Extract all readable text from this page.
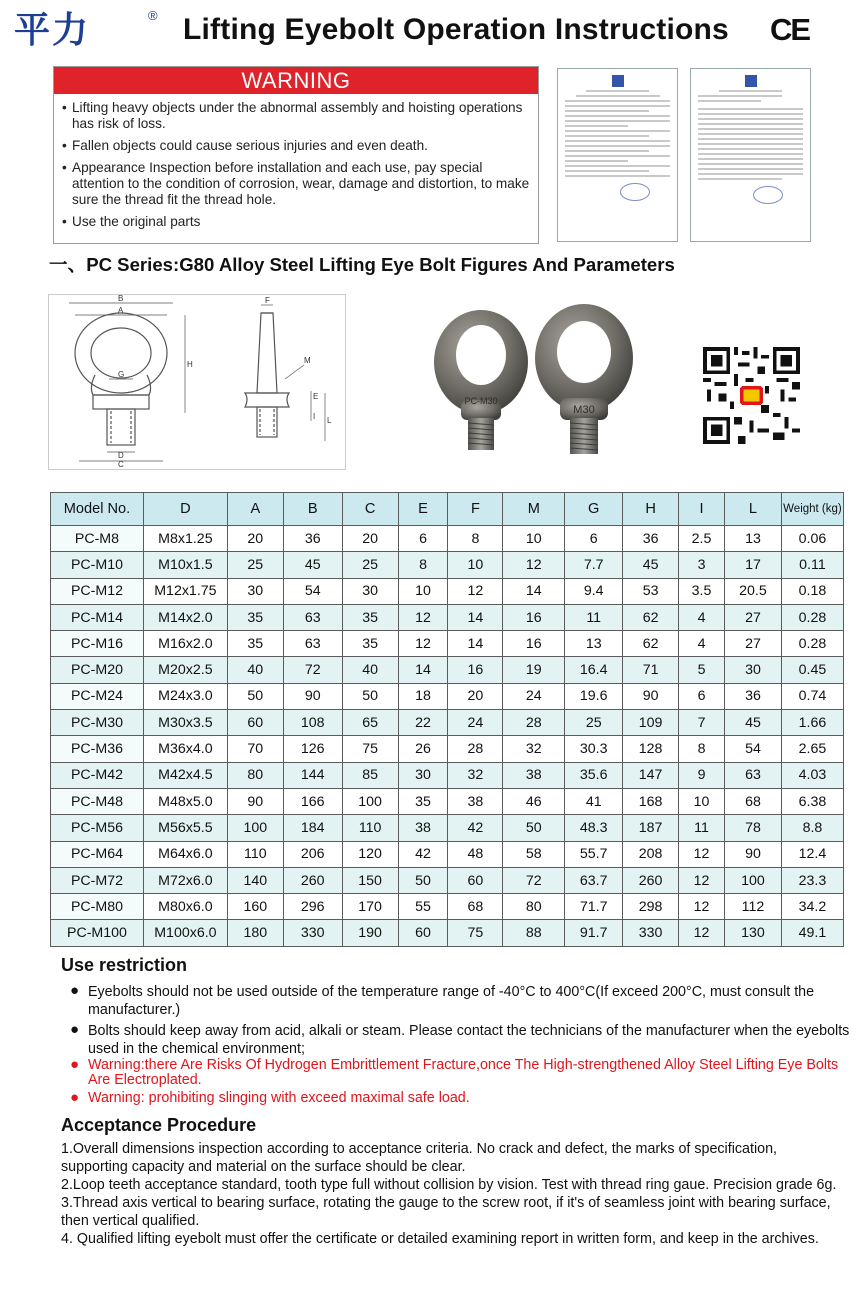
平力	® Lifting Eyebolt Operation Instructions CE
WARNING
• Lifting heavy objects under the abnormal assembly and hoisting operations has risk of loss.
• Fallen objects could cause serious injuries and even death.
• Appearance Inspection before installation and each use, pay special attention to the condition of corrosion, wear, damage and distortion, to make sure the thread fit the thread hole.
• Use the original parts
一、PC Series:G80 Alloy Steel Lifting Eye Bolt Figures And Parameters
B
A
G
H
D
C
F
M
E
I L
M30
PC-M30
Model No.	D	A	B	C	E	F	M	G	H	I	L	Weight (kg)
PC-M8	M8x1.25	20	36	20	6	8	10	6	36	2.5	13	0.06
PC-M10	M10x1.5	25	45	25	8	10	12	7.7	45	3	17	0.11
PC-M12	M12x1.75	30	54	30	10	12	14	9.4	53	3.5	20.5	0.18
PC-M14	M14x2.0	35	63	35	12	14	16	11	62	4	27	0.28
PC-M16	M16x2.0	35	63	35	12	14	16	13	62	4	27	0.28
PC-M20	M20x2.5	40	72	40	14	16	19	16.4	71	5	30	0.45
PC-M24	M24x3.0	50	90	50	18	20	24	19.6	90	6	36	0.74
PC-M30	M30x3.5	60	108	65	22	24	28	25	109	7	45	1.66
PC-M36	M36x4.0	70	126	75	26	28	32	30.3	128	8	54	2.65
PC-M42	M42x4.5	80	144	85	30	32	38	35.6	147	9	63	4.03
PC-M48	M48x5.0	90	166	100	35	38	46	41	168	10	68	6.38
PC-M56	M56x5.5	100	184	110	38	42	50	48.3	187	11	78	8.8
PC-M64	M64x6.0	110	206	120	42	48	58	55.7	208	12	90	12.4
PC-M72	M72x6.0	140	260	150	50	60	72	63.7	260	12	100	23.3
PC-M80	M80x6.0	160	296	170	55	68	80	71.7	298	12	112	34.2
PC-M100	M100x6.0	180	330	190	60	75	88	91.7	330	12	130	49.1
Use restriction
● Eyebolts should not be used outside of the temperature range of -40°C to 400°C(If exceed 200°C, must consult the manufacturer.)
● Bolts should keep away from acid, alkali or steam. Please contact the technicians of the manufacturer when the eyebolts used in the chemical environment;
● Warning:there Are Risks Of Hydrogen Embrittlement Fracture,once The High-strengthened Alloy Steel Lifting Eye Bolts Are Electroplated.
● Warning: prohibiting slinging with exceed maximal safe load.
Acceptance Procedure
1.Overall dimensions inspection according to acceptance criteria. No crack and defect, the marks of specification, supporting capacity and material on the surface should be clear.
2.Loop teeth acceptance standard, tooth type full without collision by vision. Test with thread ring gaue. Precision grade 6g.
3.Thread axis vertical to bearing surface, rotating the gauge to the screw root, if it's of seamless joint with bearing surface, then vertical qualified.
4. Qualified lifting eyebolt must offer the certificate or detailed examining report in written form, and keep in the archives.
